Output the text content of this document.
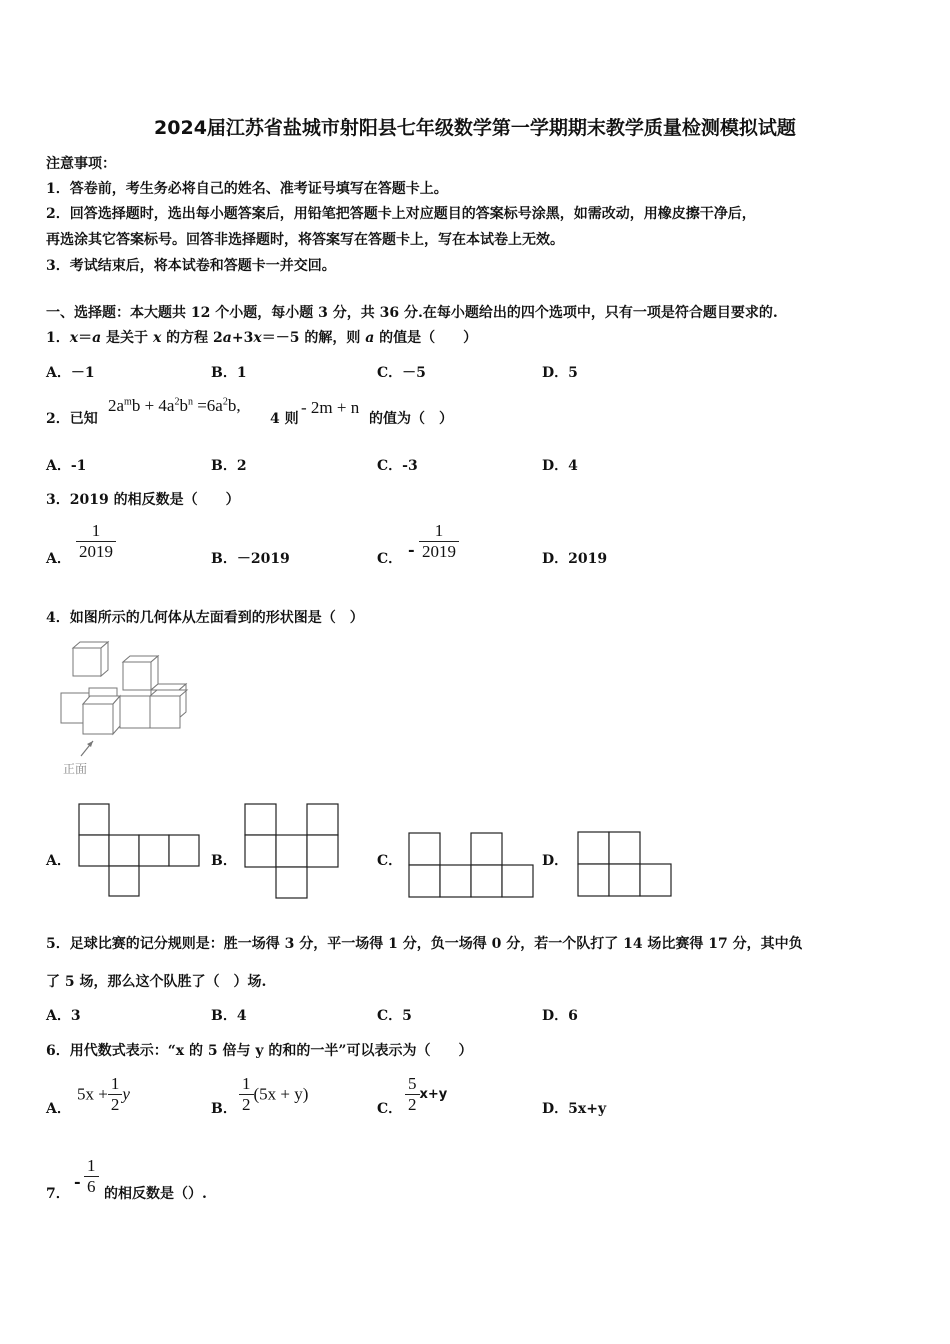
2024届江苏省盐城市射阳县七年级数学第一学期期末教学质量检测模拟试题
注意事项：
1．答卷前，考生务必将自己的姓名、准考证号填写在答题卡上。
2．回答选择题时，选出每小题答案后，用铅笔把答题卡上对应题目的答案标号涂黑，如需改动，用橡皮擦干净后，
再选涂其它答案标号。回答非选择题时，将答案写在答题卡上，写在本试卷上无效。
3．考试结束后，将本试卷和答题卡一并交回。
一、选择题：本大题共 12 个小题，每小题 3 分，共 36 分.在每小题给出的四个选项中，只有一项是符合题目要求的.
1．x＝a 是关于 x 的方程 2a+3x＝－5 的解，则 a 的值是（　　）
A．－1	B．1	C．－5	D．5
2．已知
$2a^mb + 4a^2b^n =6a^2b$,
4 则
- 2m + n
的值为（　）
A．-1	B．2	C．-3	D．4
3．2019 的相反数是（　　）
A． $\frac{1}{2019}$	B．－2019	C． - $\frac{1}{2019}$	D．2019
4．如图所示的几何体从左面看到的形状图是（　）
正面
A．	B．	C．	D．
5．足球比赛的记分规则是：胜一场得 3 分，平一场得 1 分，负一场得 0 分，若一个队打了 14 场比赛得 17 分，其中负
了 5 场，那么这个队胜了（　）场.
A．3	B．4	C．5	D．6
6．用代数式表示：“x 的 5 倍与 y 的和的一半”可以表示为（　　）
A．
$5x + \frac{1}{2}$ y
B． $\frac{1}{2} (5x + y)$
C． $\frac{5}{2} x+y$
D．5x+y
7．
- $\frac{1}{6}$ 的相反数是（）.
